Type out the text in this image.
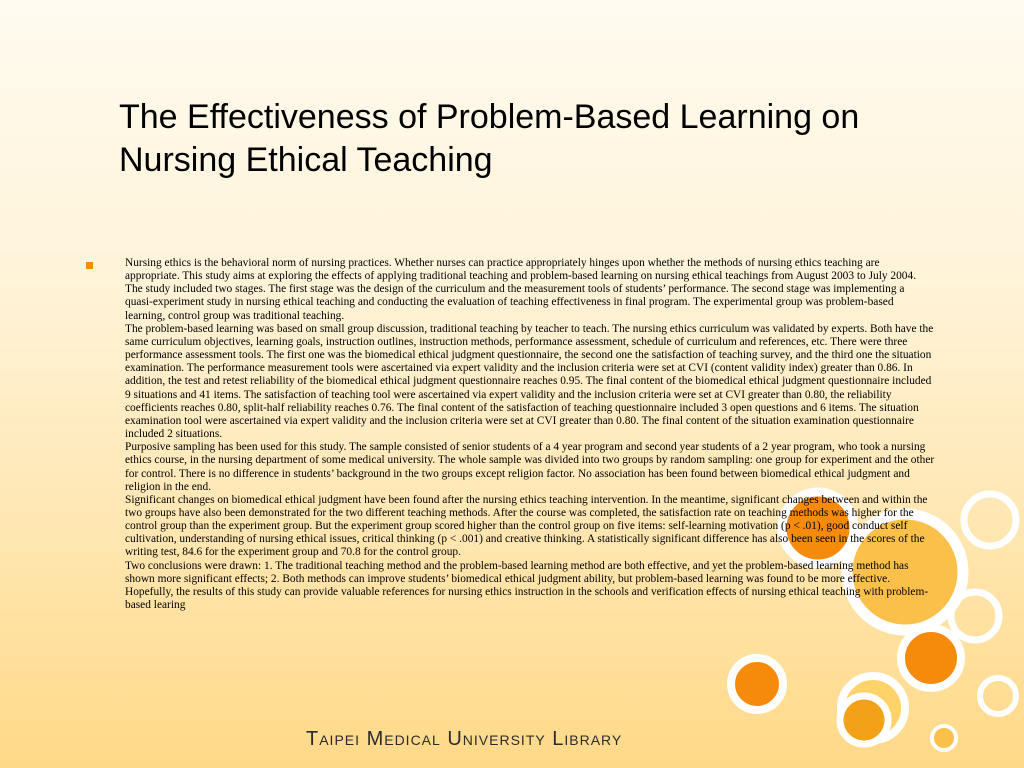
The Effectiveness of Problem-Based Learning on Nursing Ethical Teaching

Nursing ethics is the behavioral norm of nursing practices. Whether nurses can practice appropriately hinges upon whether the methods of nursing ethics teaching are appropriate. This study aims at exploring the effects of applying traditional teaching and problem-based learning on nursing ethical teachings from August 2003 to July 2004. The study included two stages. The first stage was the design of the curriculum and the measurement tools of students’ performance. The second stage was implementing a quasi-experiment study in nursing ethical teaching and conducting the evaluation of teaching effectiveness in final program. The experimental group was problem-based learning, control group was traditional teaching.

The problem-based learning was based on small group discussion, traditional teaching by teacher to teach. The nursing ethics curriculum was validated by experts. Both have the same curriculum objectives, learning goals, instruction outlines, instruction methods, performance assessment, schedule of curriculum and references, etc. There were three performance assessment tools. The first one was the biomedical ethical judgment questionnaire, the second one the satisfaction of teaching survey, and the third one the situation examination. The performance measurement tools were ascertained via expert validity and the inclusion criteria were set at CVI (content validity index) greater than 0.86. In addition, the test and retest reliability of the biomedical ethical judgment questionnaire reaches 0.95. The final content of the biomedical ethical judgment questionnaire included 9 situations and 41 items. The satisfaction of teaching tool were ascertained via expert validity and the inclusion criteria were set at CVI greater than 0.80, the reliability coefficients reaches 0.80, split-half reliability reaches 0.76. The final content of the satisfaction of teaching questionnaire included 3 open questions and 6 items. The situation examination tool were ascertained via expert validity and the inclusion criteria were set at CVI greater than 0.80. The final content of the situation examination questionnaire included 2 situations.

Purposive sampling has been used for this study. The sample consisted of senior students of a 4 year program and second year students of a 2 year program, who took a nursing ethics course, in the nursing department of some medical university. The whole sample was divided into two groups by random sampling: one group for experiment and the other for control. There is no difference in students’ background in the two groups except religion factor. No association has been found between biomedical ethical judgment and religion in the end.

Significant changes on biomedical ethical judgment have been found after the nursing ethics teaching intervention. In the meantime, significant changes between and within the two groups have also been demonstrated for the two different teaching methods. After the course was completed, the satisfaction rate on teaching methods was higher for the control group than the experiment group. But the experiment group scored higher than the control group on five items: self-learning motivation (p < .01), good conduct self cultivation, understanding of nursing ethical issues, critical thinking (p < .001) and creative thinking. A statistically significant difference has also been seen in the scores of the writing test, 84.6 for the experiment group and 70.8 for the control group.

Two conclusions were drawn: 1. The traditional teaching method and the problem-based learning method are both effective, and yet the problem-based learning method has shown more significant effects; 2. Both methods can improve students’ biomedical ethical judgment ability, but problem-based learning was found to be more effective. Hopefully, the results of this study can provide valuable references for nursing ethics instruction in the schools and verification effects of nursing ethical teaching with problem-based learing

Taipei Medical University Library
